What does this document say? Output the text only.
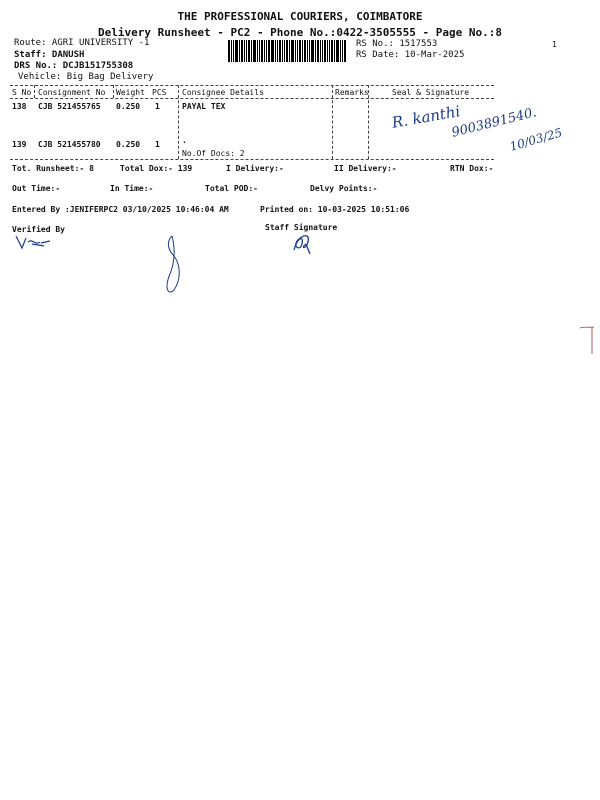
THE PROFESSIONAL COURIERS, COIMBATORE
Delivery Runsheet - PC2 - Phone No.:0422-3505555 - Page No.:8
Route: AGRI UNIVERSITY -1
Staff: DANUSH
DRS No.: DCJB151755308
Vehicle: Big Bag Delivery
RS No.: 1517553
RS Date: 10-Mar-2025
1
S No Consignment No Weight PCS Consignee Details	Remarks	Seal & Signature
138 CJB 521455765 0.250 1	PAYAL TEX
139 CJB 521455780 0.250 1	.
No.Of Docs: 2
R. kanthi
9003891540.
10/03/25
Tot. Runsheet:- 8	Total Dox:- 139	I Delivery:-	II Delivery:-	RTN Dox:-
Out Time:-	In Time:-	Total POD:-	Delvy Points:-
Entered By :JENIFERPC2 03/10/2025 10:46:04 AM	Printed on: 10-03-2025 10:51:06
Verified By	Staff Signature
